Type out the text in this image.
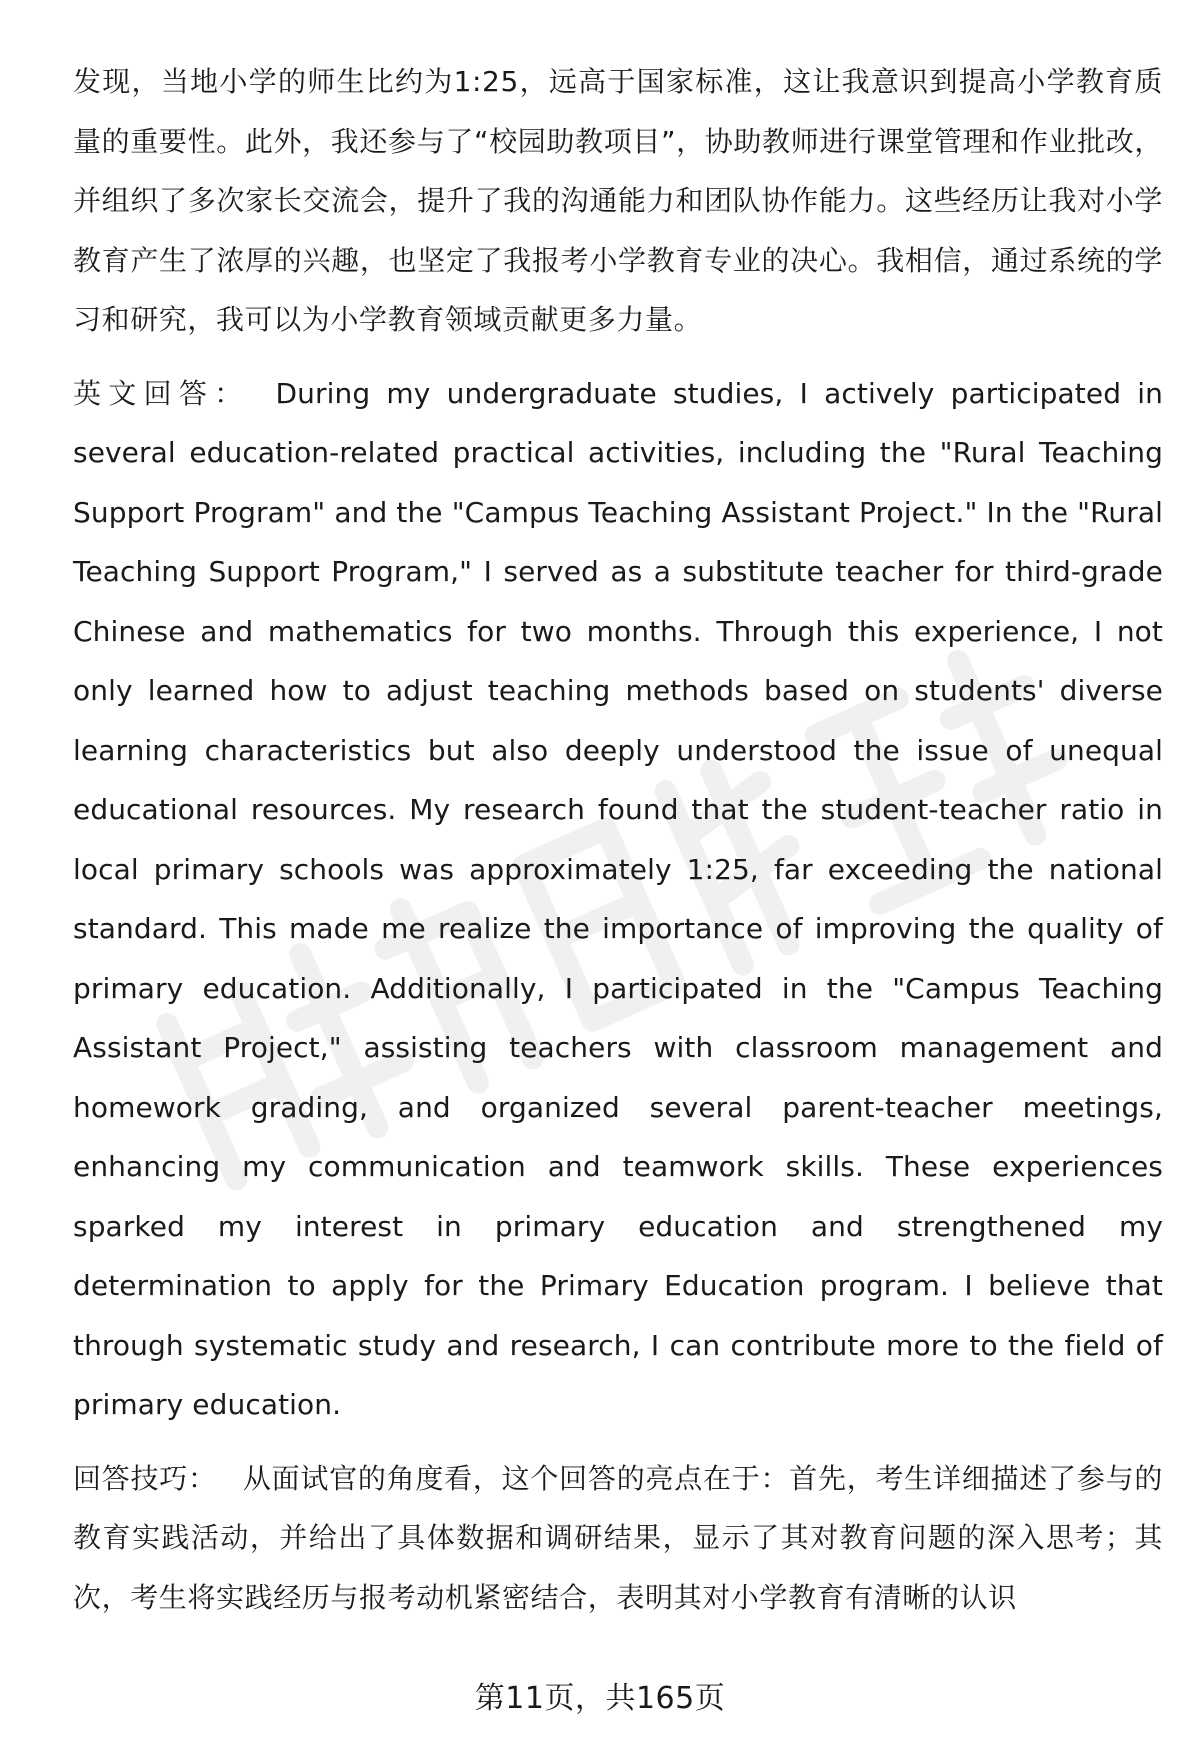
发现，当地小学的师生比约为1:25，远高于国家标准，这让我意识到提高小学教育质量的重要性。此外，我还参与了“校园助教项目”，协助教师进行课堂管理和作业批改，并组织了多次家长交流会，提升了我的沟通能力和团队协作能力。这些经历让我对小学教育产生了浓厚的兴趣，也坚定了我报考小学教育专业的决心。我相信，通过系统的学习和研究，我可以为小学教育领域贡献更多力量。

英文回答： During my undergraduate studies, I actively participated in several education-related practical activities, including the "Rural Teaching Support Program" and the "Campus Teaching Assistant Project." In the "Rural Teaching Support Program," I served as a substitute teacher for third-grade Chinese and mathematics for two months. Through this experience, I not only learned how to adjust teaching methods based on students' diverse learning characteristics but also deeply understood the issue of unequal educational resources. My research found that the student-teacher ratio in local primary schools was approximately 1:25, far exceeding the national standard. This made me realize the importance of improving the quality of primary education. Additionally, I participated in the "Campus Teaching Assistant Project," assisting teachers with classroom management and homework grading, and organized several parent-teacher meetings, enhancing my communication and teamwork skills. These experiences sparked my interest in primary education and strengthened my determination to apply for the Primary Education program. I believe that through systematic study and research, I can contribute more to the field of primary education.

回答技巧： 从面试官的角度看，这个回答的亮点在于：首先，考生详细描述了参与的教育实践活动，并给出了具体数据和调研结果，显示了其对教育问题的深入思考；其次，考生将实践经历与报考动机紧密结合，表明其对小学教育有清晰的认识

第11页，共165页
